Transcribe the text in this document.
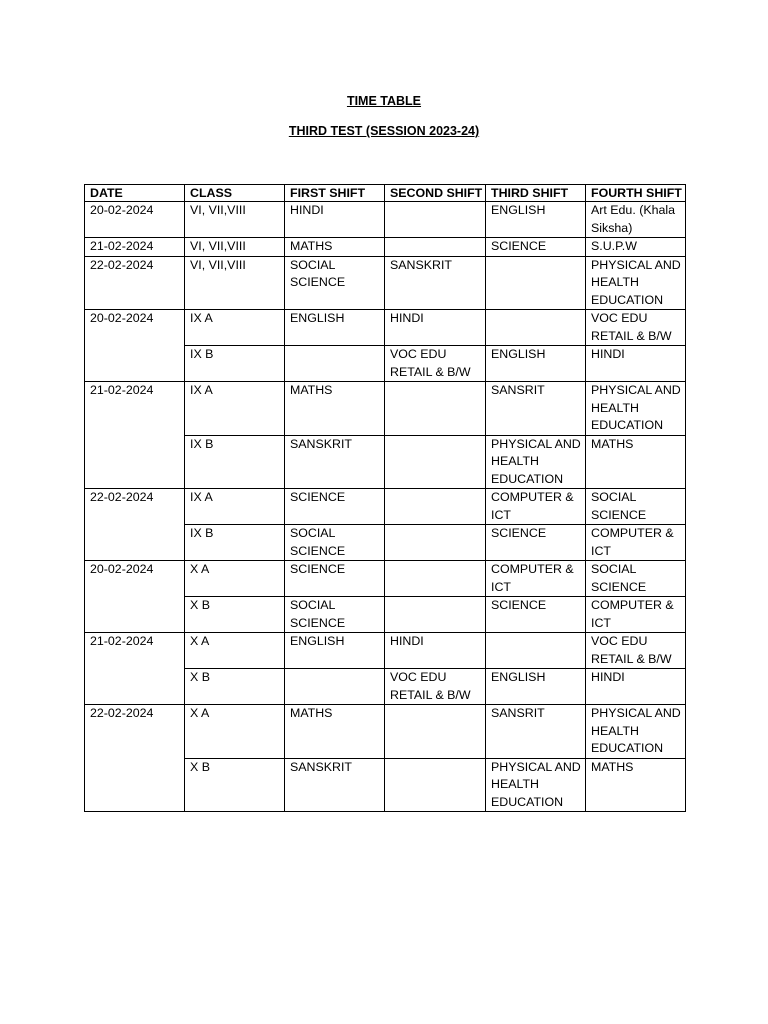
TIME TABLE
THIRD TEST (SESSION 2023-24)
DATE	CLASS	FIRST SHIFT	SECOND SHIFT	THIRD SHIFT	FOURTH SHIFT
20-02-2024	VI, VII,VIII	HINDI		ENGLISH	Art Edu. (Khala Siksha)
21-02-2024	VI, VII,VIII	MATHS		SCIENCE	S.U.P.W
22-02-2024	VI, VII,VIII	SOCIAL SCIENCE	SANSKRIT		PHYSICAL AND HEALTH EDUCATION
20-02-2024	IX A	ENGLISH	HINDI		VOC EDU RETAIL & B/W
	IX B		VOC EDU RETAIL & B/W	ENGLISH	HINDI
21-02-2024	IX A	MATHS		SANSRIT	PHYSICAL AND HEALTH EDUCATION
	IX B	SANSKRIT		PHYSICAL AND HEALTH EDUCATION	MATHS
22-02-2024	IX A	SCIENCE		COMPUTER & ICT	SOCIAL SCIENCE
	IX B	SOCIAL SCIENCE		SCIENCE	COMPUTER & ICT
20-02-2024	X A	SCIENCE		COMPUTER & ICT	SOCIAL SCIENCE
	X B	SOCIAL SCIENCE		SCIENCE	COMPUTER & ICT
21-02-2024	X A	ENGLISH	HINDI		VOC EDU RETAIL & B/W
	X B		VOC EDU RETAIL & B/W	ENGLISH	HINDI
22-02-2024	X A	MATHS		SANSRIT	PHYSICAL AND HEALTH EDUCATION
	X B	SANSKRIT		PHYSICAL AND HEALTH EDUCATION	MATHS
